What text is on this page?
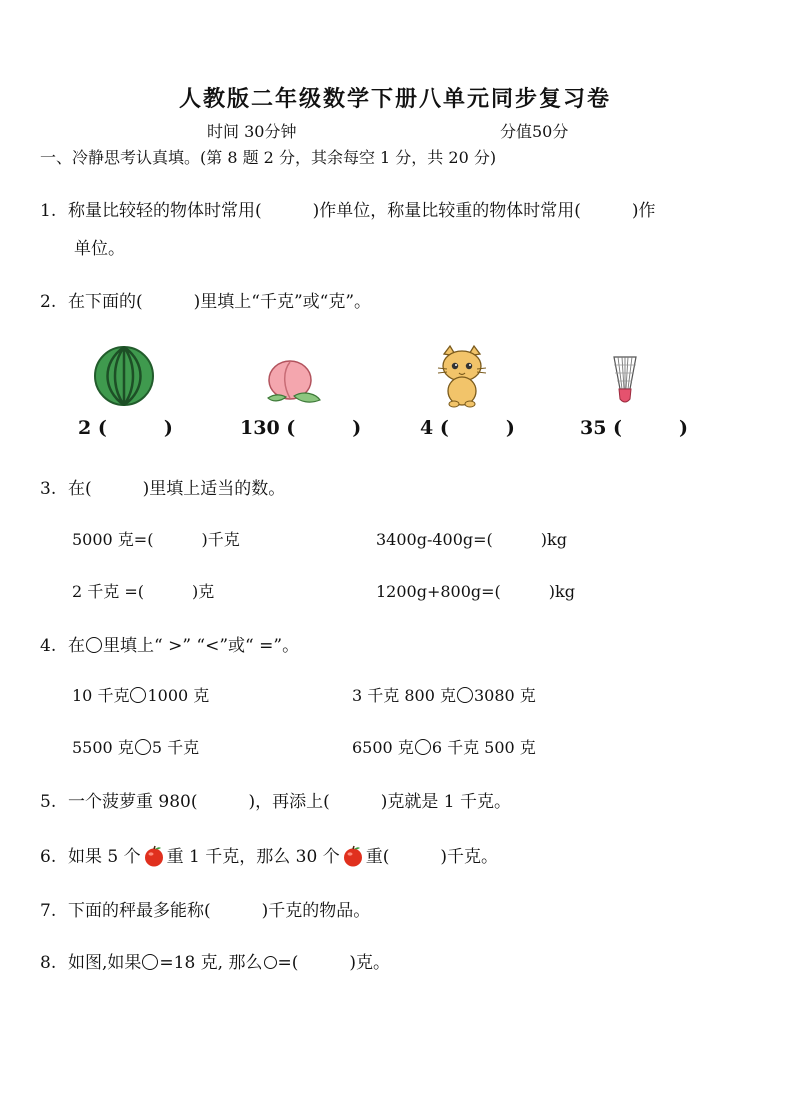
人教版二年级数学下册八单元同步复习卷
时间 30分钟	分值50分
一、冷静思考认真填。(第 8 题 2 分，其余每空 1 分，共 20 分)
1. 称量比较轻的物体时常用(　　　)作单位，称量比较重的物体时常用(　　　)作
单位。
2. 在下面的(　　　)里填上“千克”或“克”。
2 (　　　)	130 (　　　)	4 (　　　)	35 (　　　)
3. 在(　　　)里填上适当的数。
5000 克=(　　　)千克	3400g-400g=(　　　)kg
2 千克 =(　　　)克	1200g+800g=(　　　)kg
4. 在 里填上“ >” “<”或“ =”。
10 千克 1000 克	3 千克 800 克 3080 克
5500 克 5 千克	6500 克 6 千克 500 克
5. 一个菠萝重 980(　　　)，再添上(　　　)克就是 1 千克。
6. 如果 5 个 重 1 千克，那么 30 个 重(　　　)千克。
7. 下面的秤最多能称(　　　)千克的物品。
8. 如图,如果 =18 克, 那么 =(　　　)克。
